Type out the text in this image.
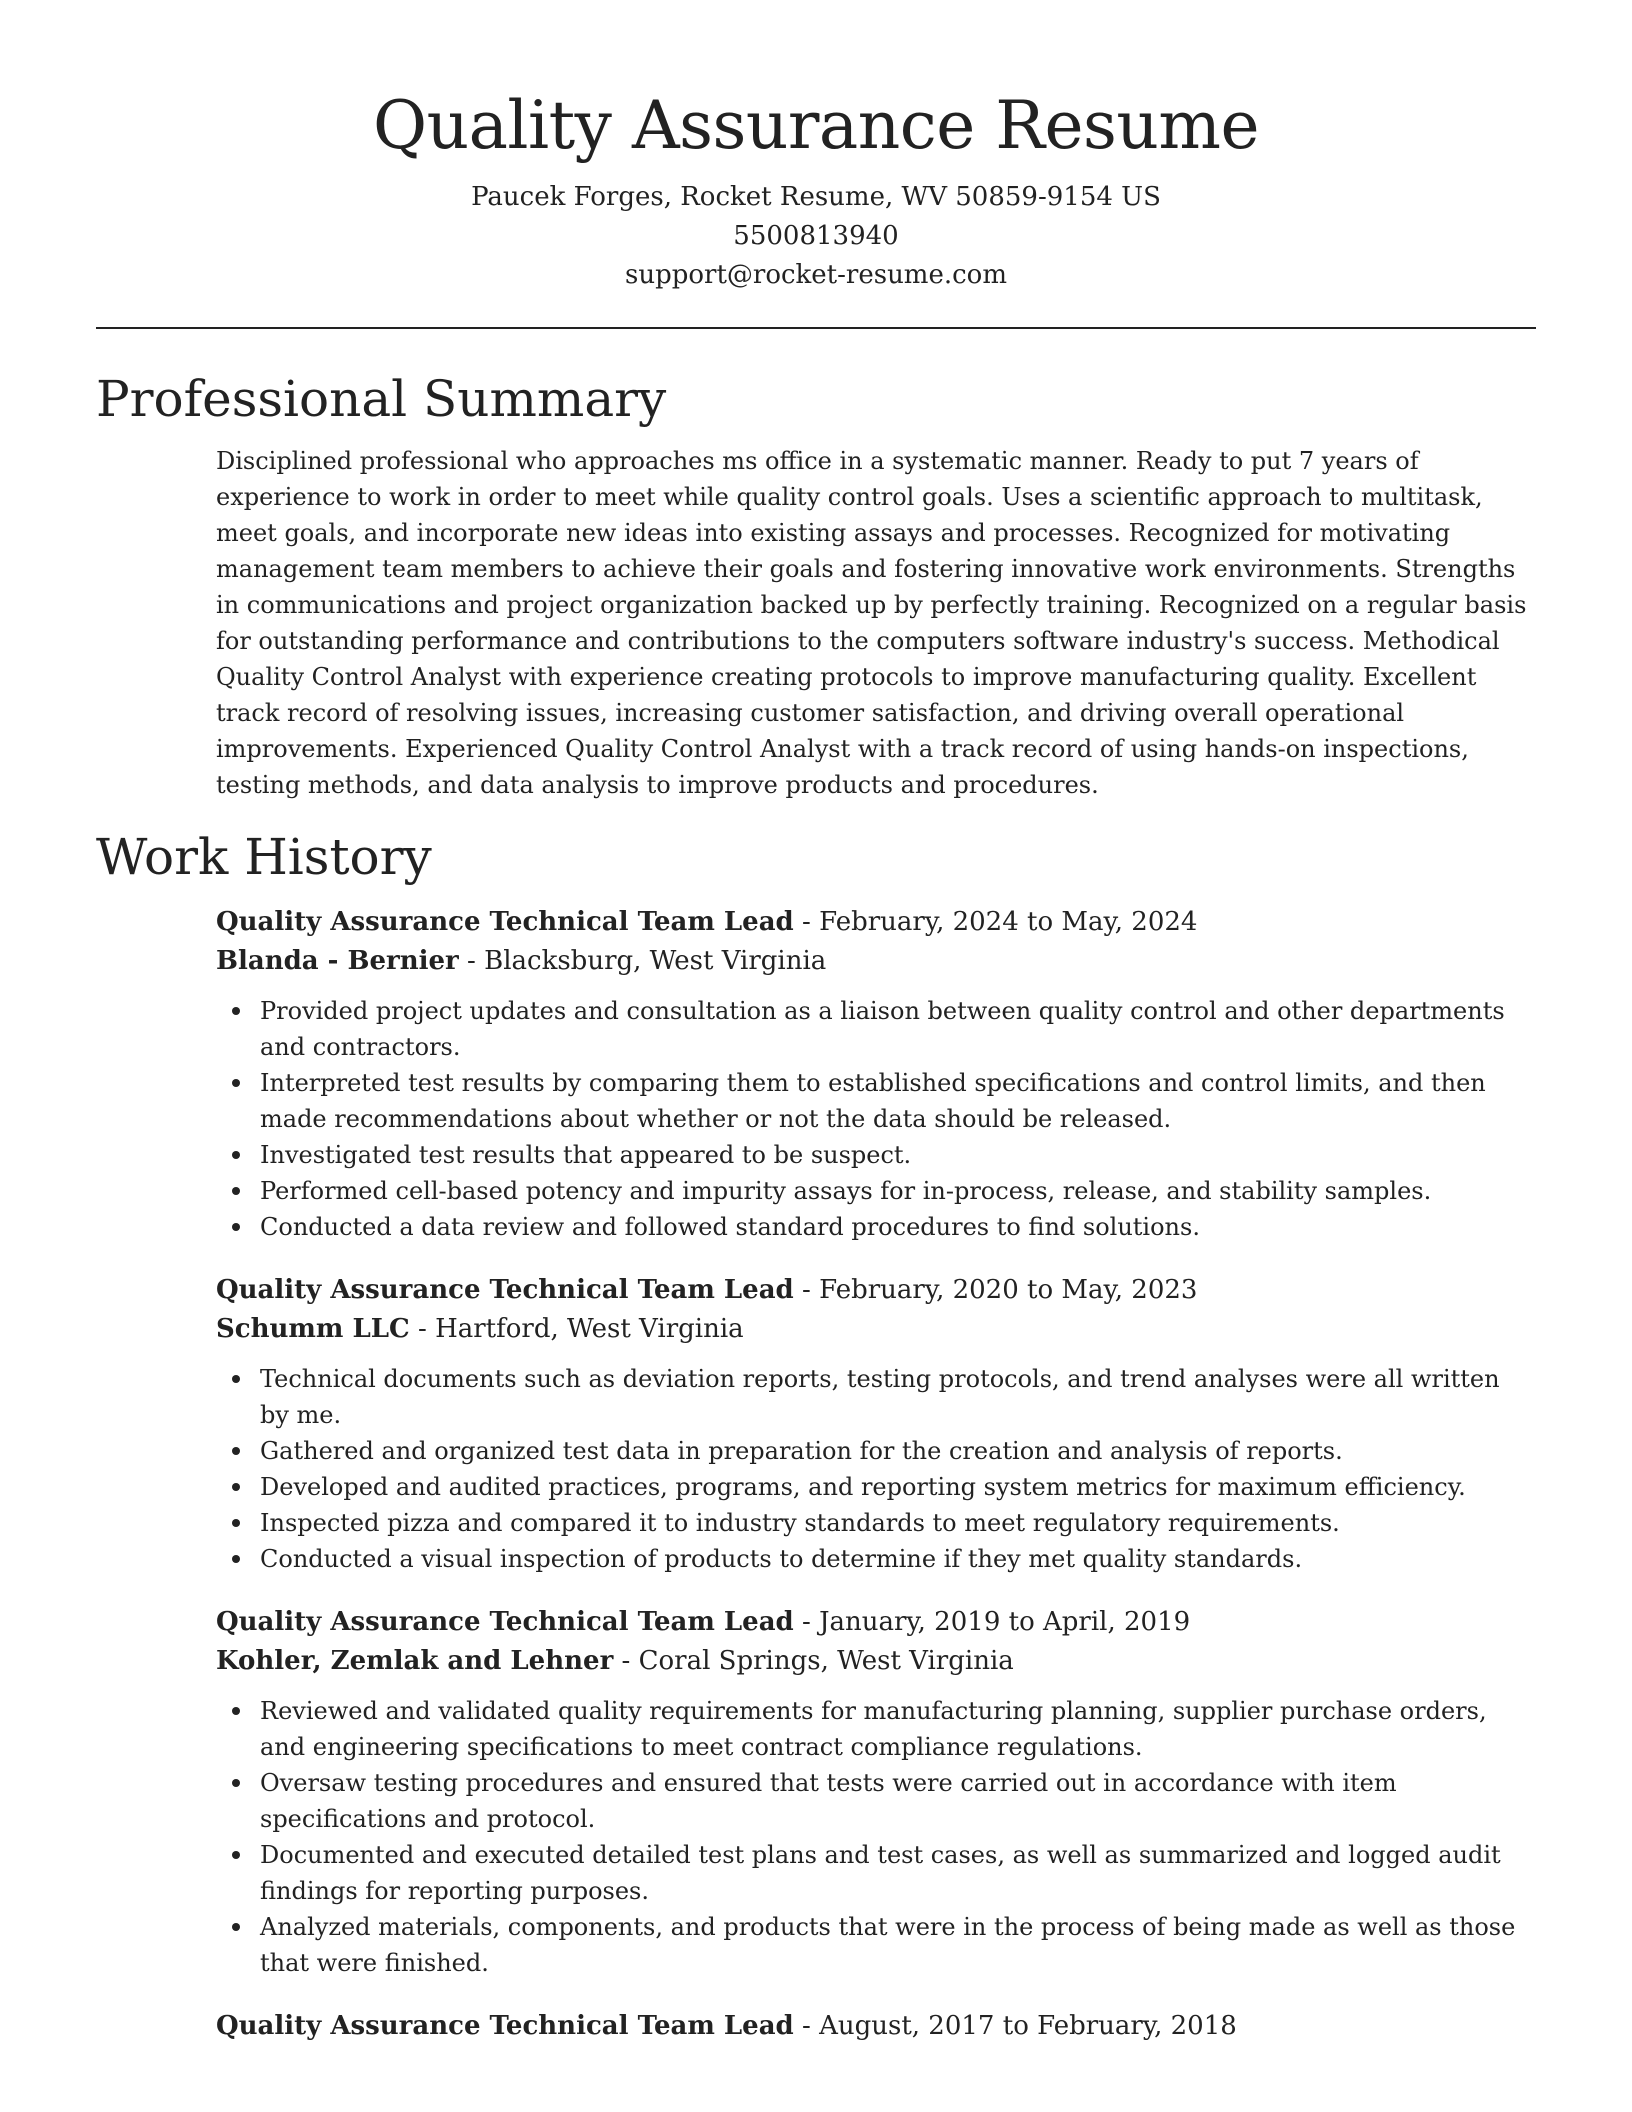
Quality Assurance Resume
Paucek Forges, Rocket Resume, WV 50859-9154 US
5500813940
support@rocket-resume.com
Professional Summary

Disciplined professional who approaches ms office in a systematic manner. Ready to put 7 years of experience to work in order to meet while quality control goals. Uses a scientific approach to multitask, meet goals, and incorporate new ideas into existing assays and processes. Recognized for motivating management team members to achieve their goals and fostering innovative work environments. Strengths in communications and project organization backed up by perfectly training. Recognized on a regular basis for outstanding performance and contributions to the computers software industry's success. Methodical Quality Control Analyst with experience creating protocols to improve manufacturing quality. Excellent track record of resolving issues, increasing customer satisfaction, and driving overall operational improvements. Experienced Quality Control Analyst with a track record of using hands-on inspections, testing methods, and data analysis to improve products and procedures.

Work History
Quality Assurance Technical Team Lead - February, 2024 to May, 2024
Blanda - Bernier - Blacksburg, West Virginia
Provided project updates and consultation as a liaison between quality control and other departments and contractors.
Interpreted test results by comparing them to established specifications and control limits, and then made recommendations about whether or not the data should be released.
Investigated test results that appeared to be suspect.
Performed cell-based potency and impurity assays for in-process, release, and stability samples.
Conducted a data review and followed standard procedures to find solutions.
Quality Assurance Technical Team Lead - February, 2020 to May, 2023
Schumm LLC - Hartford, West Virginia
Technical documents such as deviation reports, testing protocols, and trend analyses were all written by me.
Gathered and organized test data in preparation for the creation and analysis of reports.
Developed and audited practices, programs, and reporting system metrics for maximum efficiency.
Inspected pizza and compared it to industry standards to meet regulatory requirements.
Conducted a visual inspection of products to determine if they met quality standards.
Quality Assurance Technical Team Lead - January, 2019 to April, 2019
Kohler, Zemlak and Lehner - Coral Springs, West Virginia
Reviewed and validated quality requirements for manufacturing planning, supplier purchase orders, and engineering specifications to meet contract compliance regulations.
Oversaw testing procedures and ensured that tests were carried out in accordance with item specifications and protocol.
Documented and executed detailed test plans and test cases, as well as summarized and logged audit findings for reporting purposes.
Analyzed materials, components, and products that were in the process of being made as well as those that were finished.
Quality Assurance Technical Team Lead - August, 2017 to February, 2018
